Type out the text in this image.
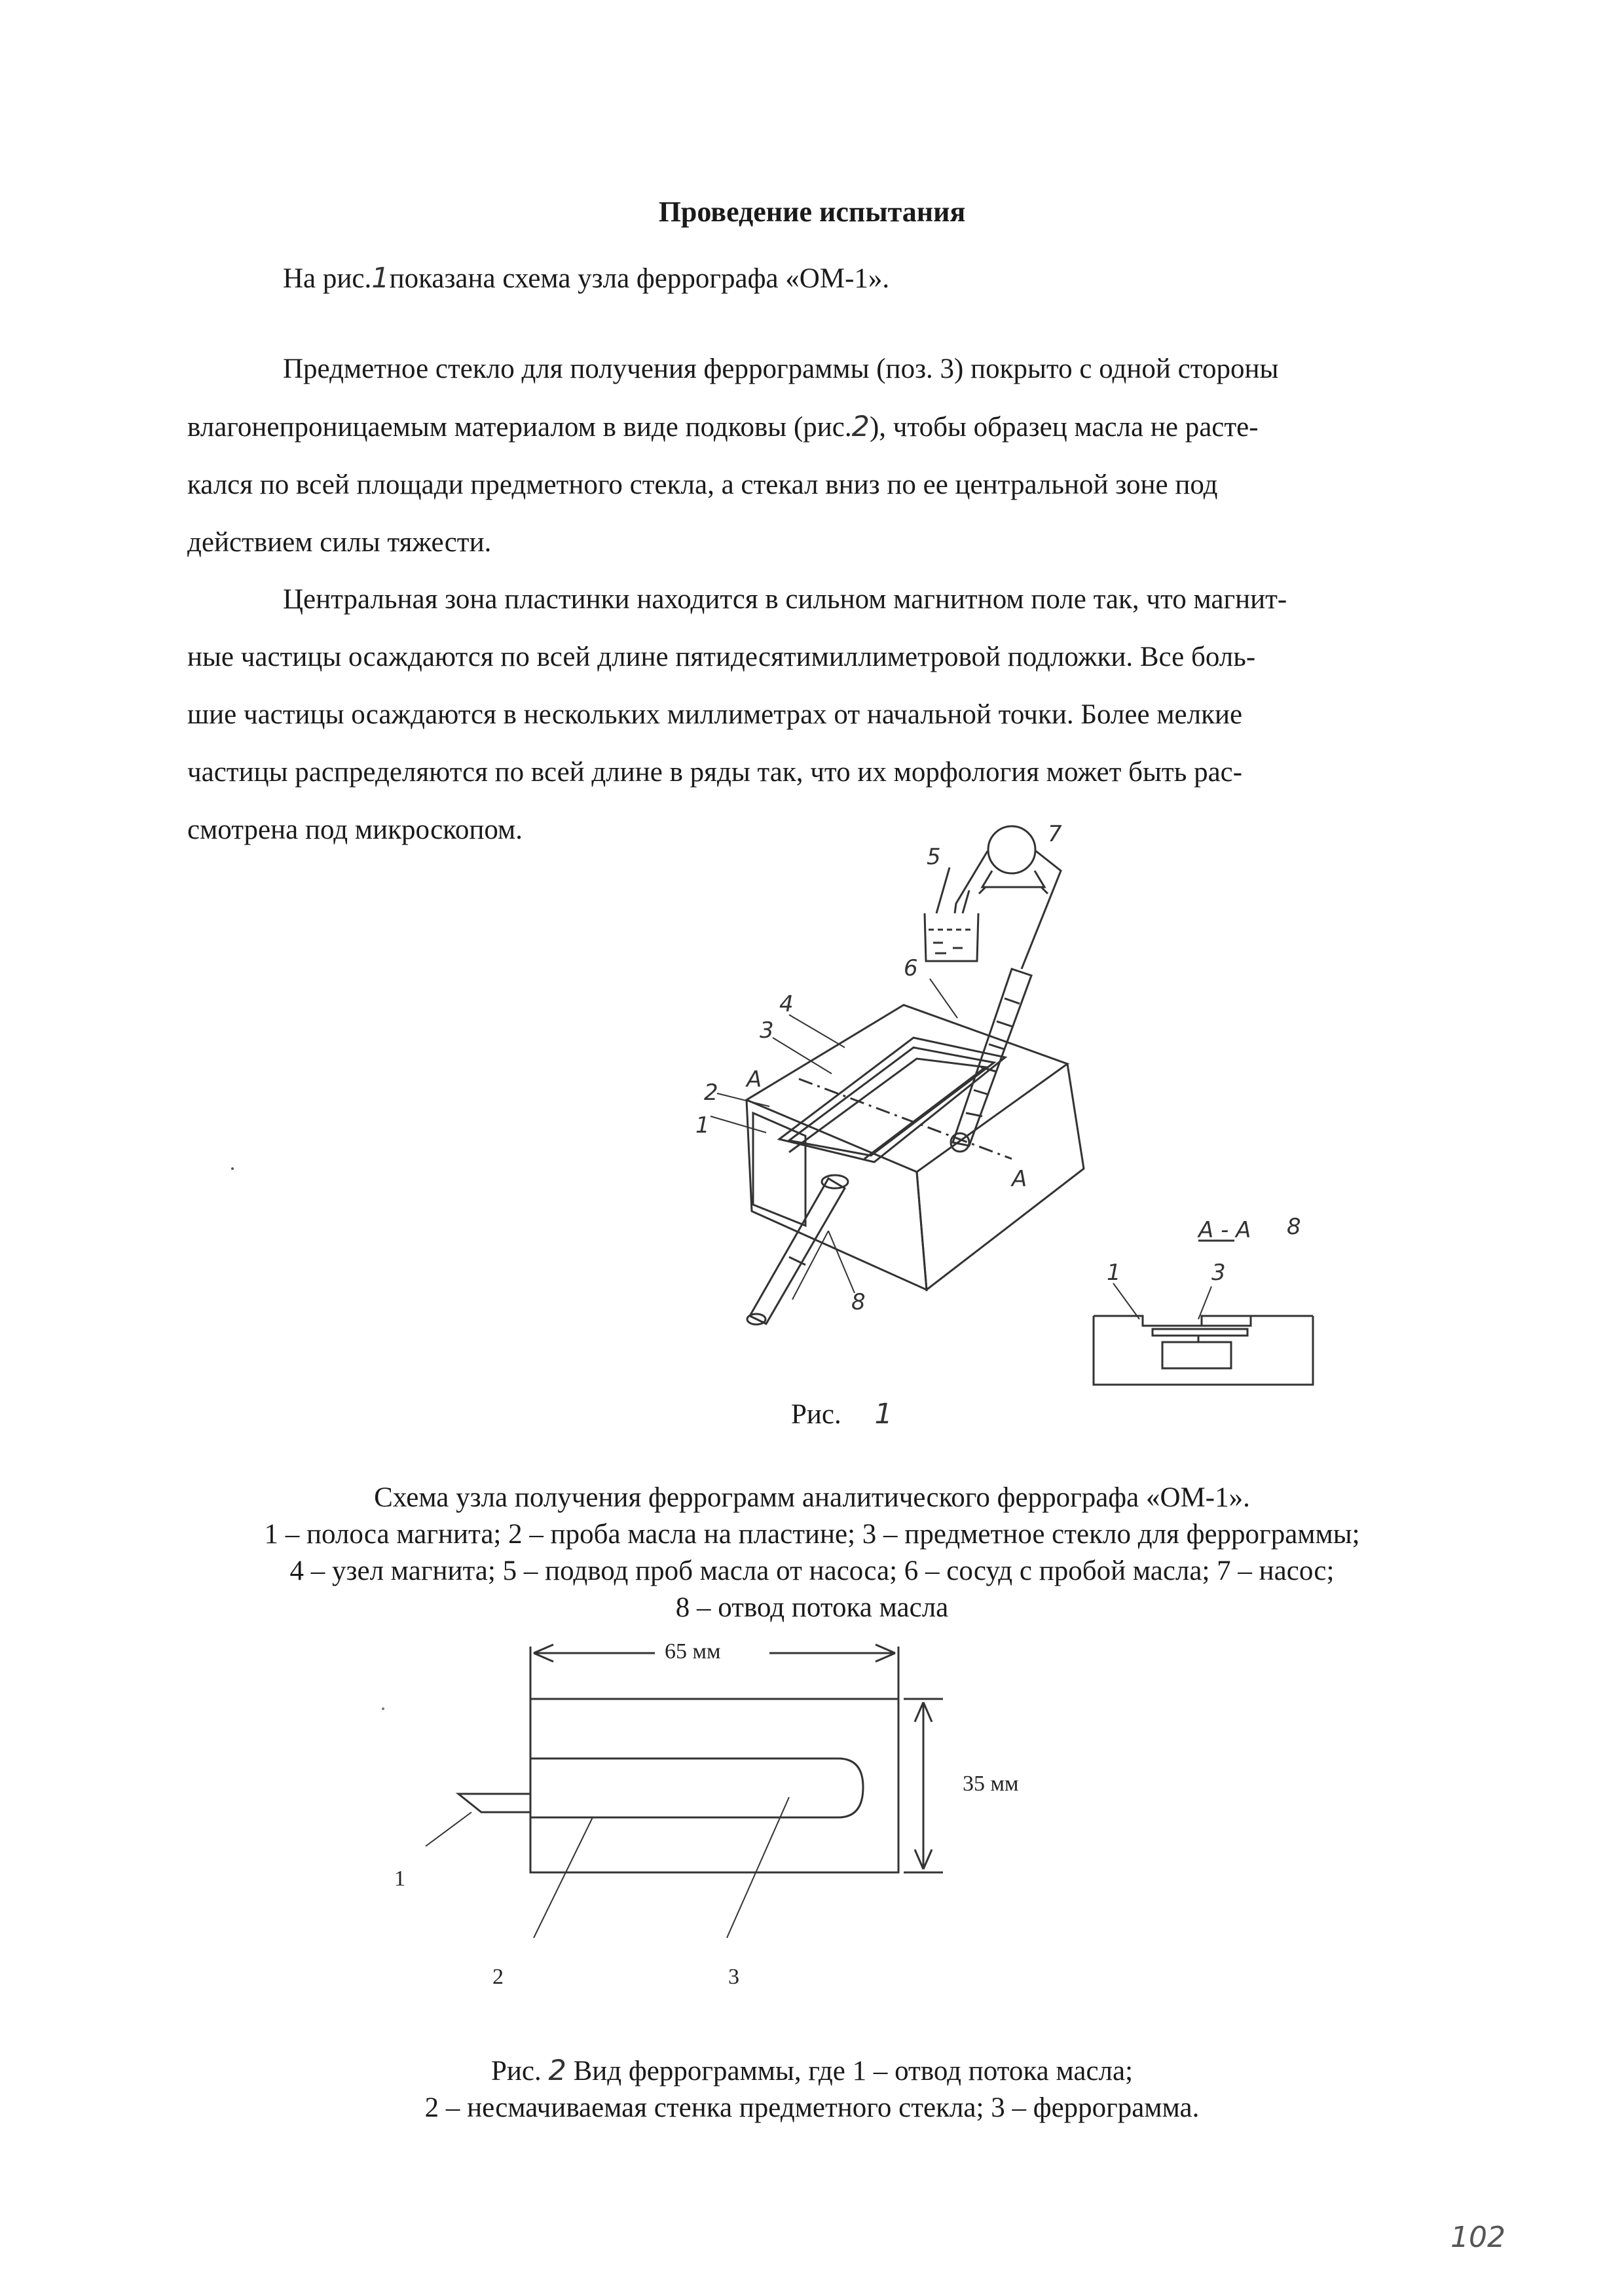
Проведение испытания
На рис.1показана схема узла феррографа «ОМ-1».
Предметное стекло для получения феррограммы (поз. 3) покрыто с одной стороны
влагонепроницаемым материалом в виде подковы (рис.2), чтобы образец масла не расте-
кался по всей площади предметного стекла, а стекал вниз по ее центральной зоне под
действием силы тяжести.
Центральная зона пластинки находится в сильном магнитном поле так, что магнит-
ные частицы осаждаются по всей длине пятидесятимиллиметровой подложки. Все боль-
шие частицы осаждаются в нескольких миллиметрах от начальной точки. Более мелкие
частицы распределяются по всей длине в ряды так, что их морфология может быть рас-
смотрена под микроскопом.
1
2
3
4
5
6
7
8
A
A
А - А 8
1	3
65 мм
35 мм
1
2	3
Рис. 1
Схема узла получения феррограмм аналитического феррографа «ОМ-1».
1 – полоса магнита; 2 – проба масла на пластине; 3 – предметное стекло для феррограммы;
4 – узел магнита; 5 – подвод проб масла от насоса; 6 – сосуд с пробой масла; 7 – насос;
8 – отвод потока масла
Рис. 2 Вид феррограммы, где 1 – отвод потока масла;
2 – несмачиваемая стенка предметного стекла; 3 – феррограмма.
102
